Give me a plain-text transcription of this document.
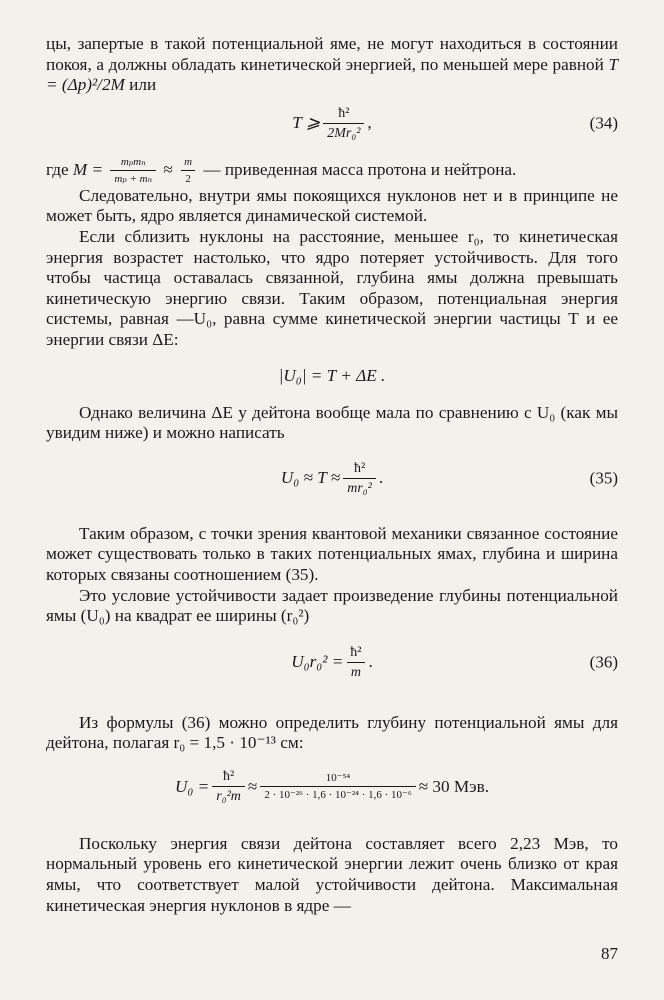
цы, запертые в такой потенциальной яме, не могут находиться в состоянии покоя, а должны обладать кинетической энергией, по меньшей мере равной T = (Δp)²/2M или

T ⩾ $\frac{\text{ħ²}}{\text{2Mr₀²}}$ ,	(34)

где $M = \frac{\text{mₚmₙ}}{\text{mₚ + mₙ}} \approx \frac{m}{2}$ — приведенная масса протона и нейтрона.

Следовательно, внутри ямы покоящихся нуклонов нет и в принципе не может быть, ядро является динамической системой.

Если сблизить нуклоны на расстояние, меньшее r₀, то кинетическая энергия возрастет настолько, что ядро потеряет устойчивость. Для того чтобы частица оставалась связанной, глубина ямы должна превышать кинетическую энергию связи. Таким образом, потенциальная энергия системы, равная —U₀, равна сумме кинетической энергии частицы T и ее энергии связи ΔE:

|U₀| = T + ΔE .

Однако величина ΔE у дейтона вообще мала по сравнению с U₀ (как мы увидим ниже) и можно написать

$U_0 \approx T \approx \frac{\text{ħ²}}{\text{mr₀²}}$ .	(35)

Таким образом, с точки зрения квантовой механики связанное состояние может существовать только в таких потенциальных ямах, глубина и ширина которых связаны соотношением (35).

Это условие устойчивости задает произведение глубины потенциальной ямы (U₀) на квадрат ее ширины (r₀²)

$U_0r_0^2 = \frac{\text{ħ²}}{m}$ .	(36)

Из формулы (36) можно определить глубину потенциальной ямы для дейтона, полагая r₀ = 1,5 · 10⁻¹³ см:

$U_0 = \frac{\text{ħ²}}{\text{r₀²m}} \approx \frac{\text{10⁻⁵⁴}}{\text{2 · 10⁻²⁶ · 1,6 · 10⁻²⁴ · 1,6 · 10⁻⁶}} \approx 30$ Мэв.

Поскольку энергия связи дейтона составляет всего 2,23 Мэв, то нормальный уровень его кинетической энергии лежит очень близко от края ямы, что соответствует малой устойчивости дейтона. Максимальная кинетическая энергия нуклонов в ядре —

87
